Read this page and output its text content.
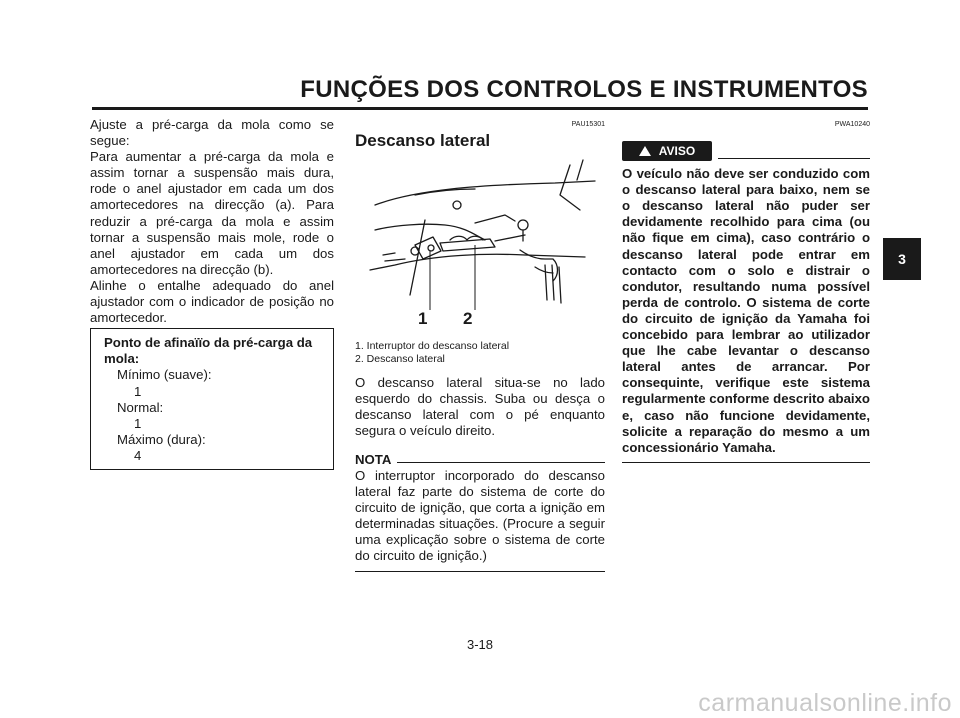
FUNÇÕES DOS CONTROLOS E INSTRUMENTOS
3

Ajuste a pré-carga da mola como se segue:

Para aumentar a pré-carga da mola e assim tornar a suspensão mais dura, rode o anel ajustador em cada um dos amortecedores na direcção (a). Para reduzir a pré-carga da mola e assim tornar a suspensão mais mole, rode o anel ajustador em cada um dos amortecedores na direcção (b).

Alinhe o entalhe adequado do anel ajustador com o indicador de posição no amortecedor.

Ponto de afinaïïo da pré-carga da mola:

Mínimo (suave):

1

Normal:

1

Máximo (dura):

4

PAU15301

Descanso lateral

1 2
1. Interruptor do descanso lateral
2. Descanso lateral

O descanso lateral situa-se no lado esquerdo do chassis. Suba ou desça o descanso lateral com o pé enquanto segura o veículo direito.

NOTA

O interruptor incorporado do descanso lateral faz parte do sistema de corte do circuito de ignição, que corta a ignição em determinadas situações. (Procure a seguir uma explicação sobre o sistema de corte do circuito de ignição.)

PWA10240

AVISO

O veículo não deve ser conduzido com o descanso lateral para baixo, nem se o descanso lateral não puder ser devidamente recolhido para cima (ou não fique em cima), caso contrário o descanso lateral pode entrar em contacto com o solo e distrair o condutor, resultando numa possível perda de controlo. O sistema de corte do circuito de ignição da Yamaha foi concebido para lembrar ao utilizador que lhe cabe levantar o descanso lateral antes de arrancar. Por consequinte, verifique este sistema regularmente conforme descrito abaixo e, caso não funcione devidamente, solicite a reparação do mesmo a um concessionário Yamaha.

3-18
carmanualsonline.info
